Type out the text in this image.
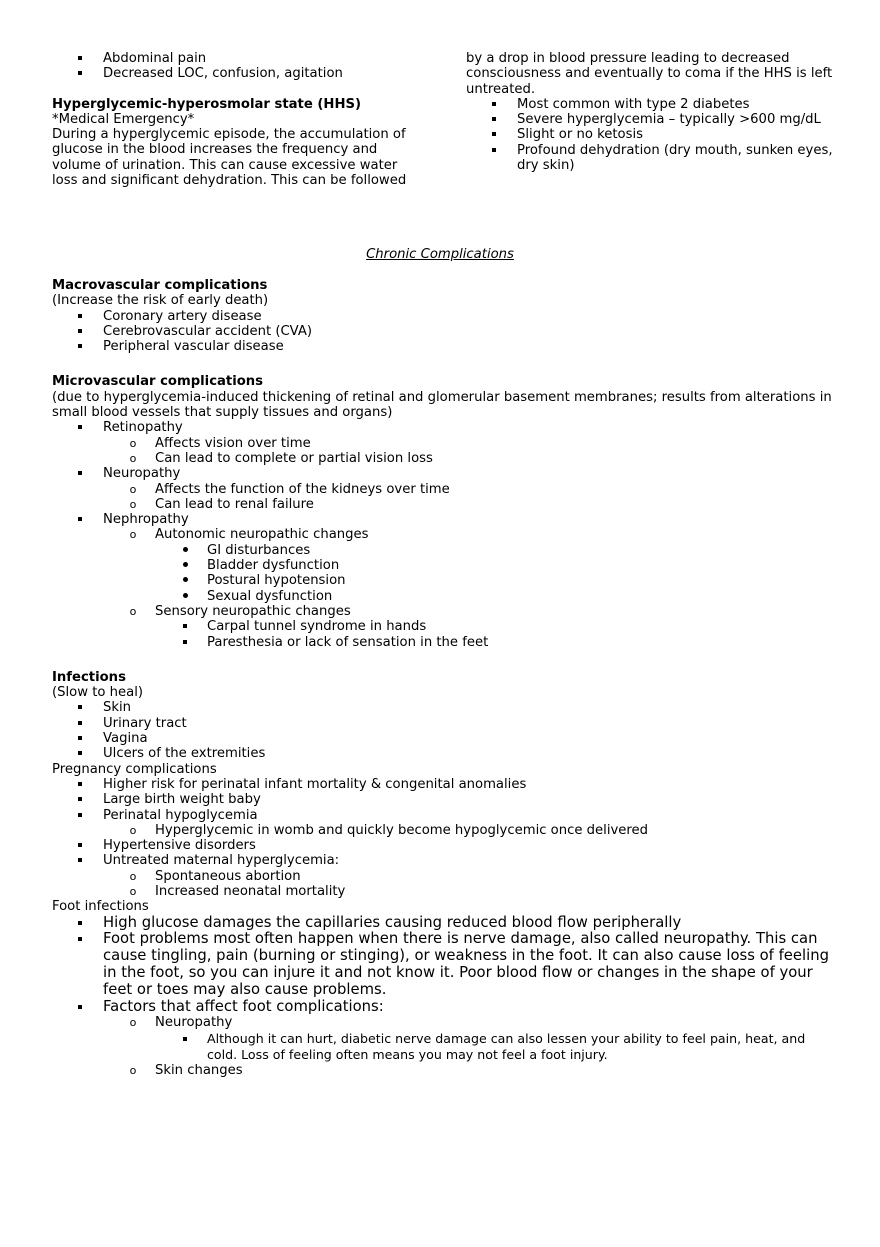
Abdominal pain
Decreased LOC, confusion, agitation
Hyperglycemic-hyperosmolar state (HHS)
*Medical Emergency*
During a hyperglycemic episode, the accumulation of glucose in the blood increases the frequency and volume of urination. This can cause excessive water loss and significant dehydration. This can be followed
by a drop in blood pressure leading to decreased consciousness and eventually to coma if the HHS is left untreated.
Most common with type 2 diabetes
Severe hyperglycemia – typically >600 mg/dL
Slight or no ketosis
Profound dehydration (dry mouth, sunken eyes, dry skin)
Chronic Complications
Macrovascular complications
(Increase the risk of early death)
Coronary artery disease
Cerebrovascular accident (CVA)
Peripheral vascular disease
Microvascular complications
(due to hyperglycemia-induced thickening of retinal and glomerular basement membranes; results from alterations in small blood vessels that supply tissues and organs)
Retinopathy
o Affects vision over time
o Can lead to complete or partial vision loss
Neuropathy
o Affects the function of the kidneys over time
o Can lead to renal failure
Nephropathy
o Autonomic neuropathic changes
GI disturbances
Bladder dysfunction
Postural hypotension
Sexual dysfunction
o Sensory neuropathic changes
Carpal tunnel syndrome in hands
Paresthesia or lack of sensation in the feet
Infections
(Slow to heal)
Skin
Urinary tract
Vagina
Ulcers of the extremities
Pregnancy complications
Higher risk for perinatal infant mortality & congenital anomalies
Large birth weight baby
Perinatal hypoglycemia
o Hyperglycemic in womb and quickly become hypoglycemic once delivered
Hypertensive disorders
Untreated maternal hyperglycemia:
o Spontaneous abortion
o Increased neonatal mortality
Foot infections
High glucose damages the capillaries causing reduced blood flow peripherally
Foot problems most often happen when there is nerve damage, also called neuropathy. This can cause tingling, pain (burning or stinging), or weakness in the foot. It can also cause loss of feeling in the foot, so you can injure it and not know it. Poor blood flow or changes in the shape of your feet or toes may also cause problems.
Factors that affect foot complications:
o Neuropathy
Although it can hurt, diabetic nerve damage can also lessen your ability to feel pain, heat, and cold. Loss of feeling often means you may not feel a foot injury.
o Skin changes
